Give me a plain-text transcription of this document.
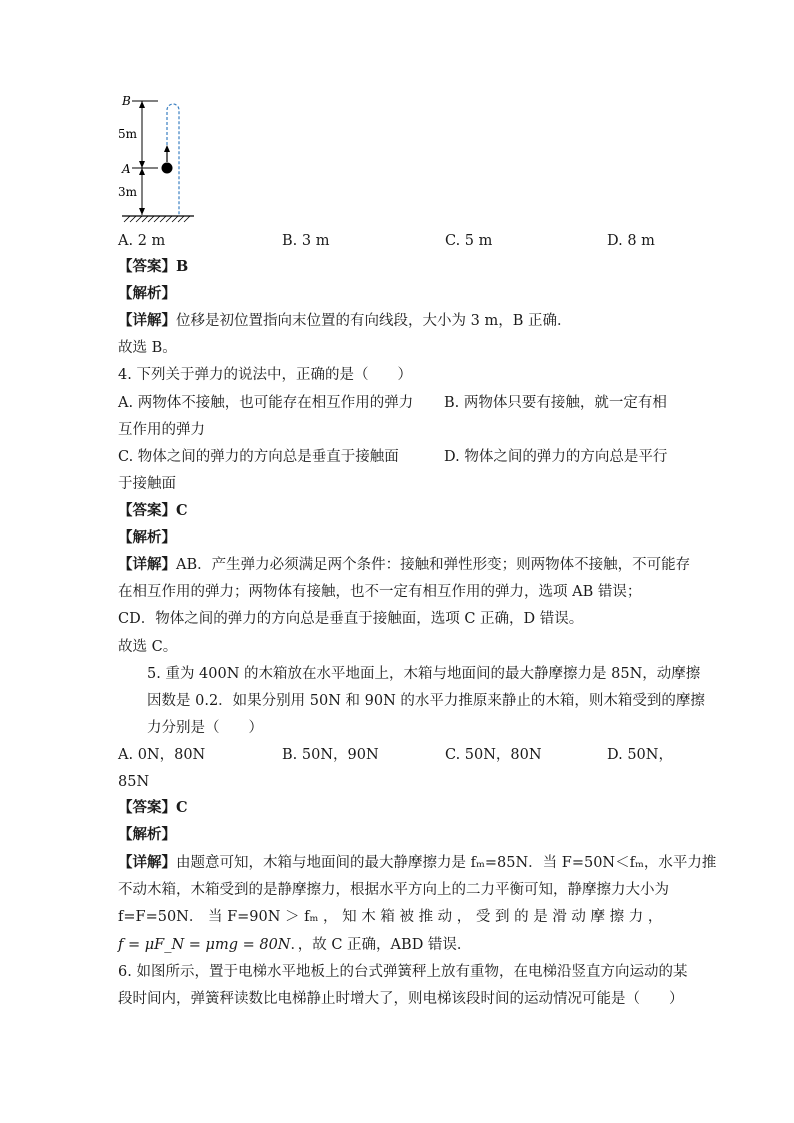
B
5m
A
3m
A. 2 m	B. 3 m	C. 5 m	D. 8 m
【答案】B
【解析】
【详解】位移是初位置指向末位置的有向线段，大小为 3 m，B 正确．
故选 B。
4. 下列关于弹力的说法中，正确的是（　　）
A. 两物体不接触，也可能存在相互作用的弹力 B. 两物体只要有接触，就一定有相
互作用的弹力
C. 物体之间的弹力的方向总是垂直于接触面	D. 物体之间的弹力的方向总是平行
于接触面
【答案】C
【解析】
【详解】AB．产生弹力必须满足两个条件：接触和弹性形变；则两物体不接触，不可能存
在相互作用的弹力；两物体有接触，也不一定有相互作用的弹力，选项 AB 错误；
CD．物体之间的弹力的方向总是垂直于接触面，选项 C 正确，D 错误。
故选 C。
5. 重为 400N 的木箱放在水平地面上，木箱与地面间的最大静摩擦力是 85N，动摩擦
因数是 0.2．如果分别用 50N 和 90N 的水平力推原来静止的木箱，则木箱受到的摩擦
力分别是（　　）
A. 0N，80N	B. 50N，90N	C. 50N，80N	D. 50N，
85N
【答案】C
【解析】
【详解】由题意可知，木箱与地面间的最大静摩擦力是 fₘ=85N．当 F=50N＜fₘ，水平力推
不动木箱，木箱受到的是静摩擦力，根据水平方向上的二力平衡可知，静摩擦力大小为
f=F=50N． 当 F=90N ＞ fₘ ， 知 木 箱 被 推 动 ， 受 到 的 是 滑 动 摩 擦 力 ，
f = μF_N = μmg = 80N．，故 C 正确，ABD 错误．
6. 如图所示，置于电梯水平地板上的台式弹簧秤上放有重物，在电梯沿竖直方向运动的某
段时间内，弹簧秤读数比电梯静止时增大了，则电梯该段时间的运动情况可能是（　　）
